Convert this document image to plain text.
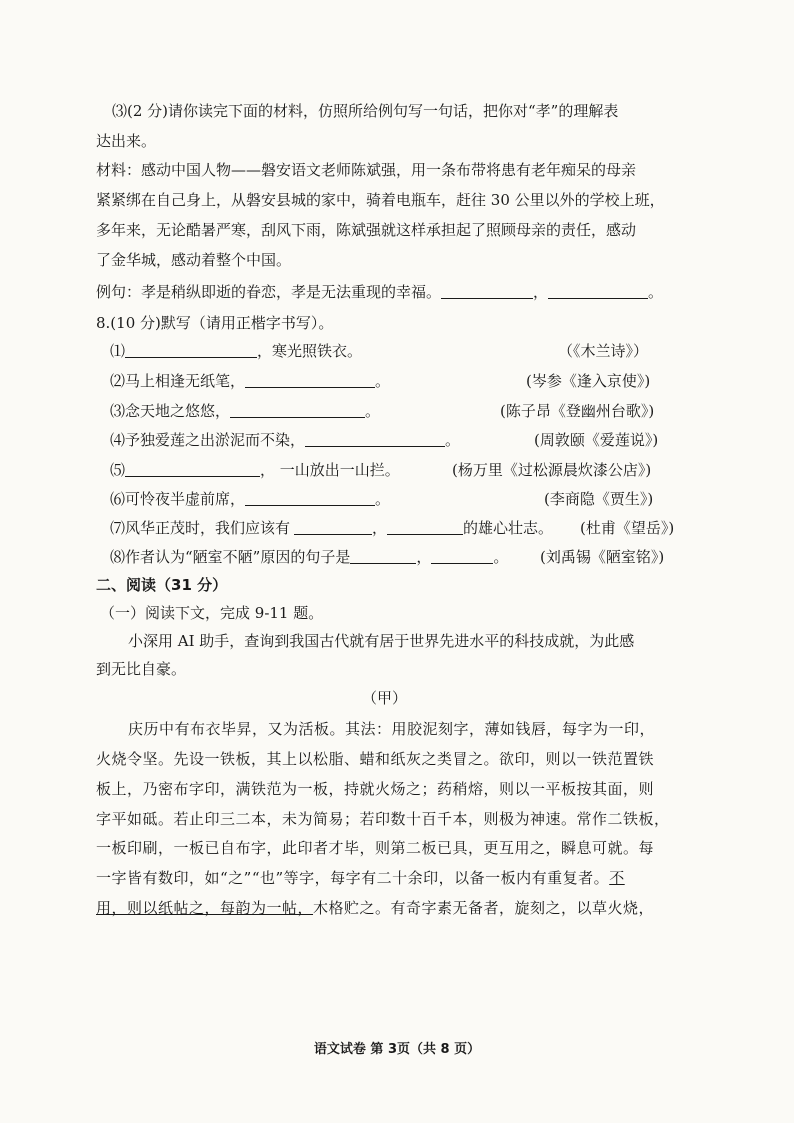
⑶(2 分)请你读完下面的材料，仿照所给例句写一句话，把你对“孝”的理解表
达出来。
材料：感动中国人物——磐安语文老师陈斌强，用一条布带将患有老年痴呆的母亲
紧紧绑在自己身上，从磐安县城的家中，骑着电瓶车，赶往 30 公里以外的学校上班，
多年来，无论酷暑严寒，刮风下雨，陈斌强就这样承担起了照顾母亲的责任，感动
了金华城，感动着整个中国。
例句：孝是稍纵即逝的眷恋，孝是无法重现的幸福。	，	。
8.(10 分)默写（请用正楷字书写）。
⑴	，寒光照铁衣。	（《木兰诗》）
⑵马上相逢无纸笔，	。	(岑参《逢入京使》)
⑶念天地之悠悠，	。	(陈子昂《登幽州台歌》)
⑷予独爱莲之出淤泥而不染，	。	(周敦颐《爱莲说》)
⑸	， 一山放出一山拦。	(杨万里《过松源晨炊漆公店》)
⑹可怜夜半虚前席，	。	(李商隐《贾生》)
⑺风华正茂时，我们应该有	，	的雄心壮志。 (杜甫《望岳》)
⑻作者认为“陋室不陋”原因的句子是	，	。 (刘禹锡《陋室铭》)
二、阅读（31 分）
（一）阅读下文，完成 9-11 题。
小深用 AI 助手，查询到我国古代就有居于世界先进水平的科技成就，为此感
到无比自豪。
（甲）
庆历中有布衣毕昇，又为活板。其法：用胶泥刻字，薄如钱唇，每字为一印，
火烧令坚。先设一铁板，其上以松脂、蜡和纸灰之类冒之。欲印，则以一铁范置铁
板上，乃密布字印，满铁范为一板，持就火炀之；药稍熔，则以一平板按其面，则
字平如砥。若止印三二本，未为简易；若印数十百千本，则极为神速。常作二铁板，
一板印刷，一板已自布字，此印者才毕，则第二板已具，更互用之，瞬息可就。每
一字皆有数印，如“之”“也”等字，每字有二十余印，以备一板内有重复者。不
用，则以纸帖之，每韵为一帖，木格贮之。有奇字素无备者，旋刻之，以草火烧，
语文试卷 第 3页（共 8 页）
